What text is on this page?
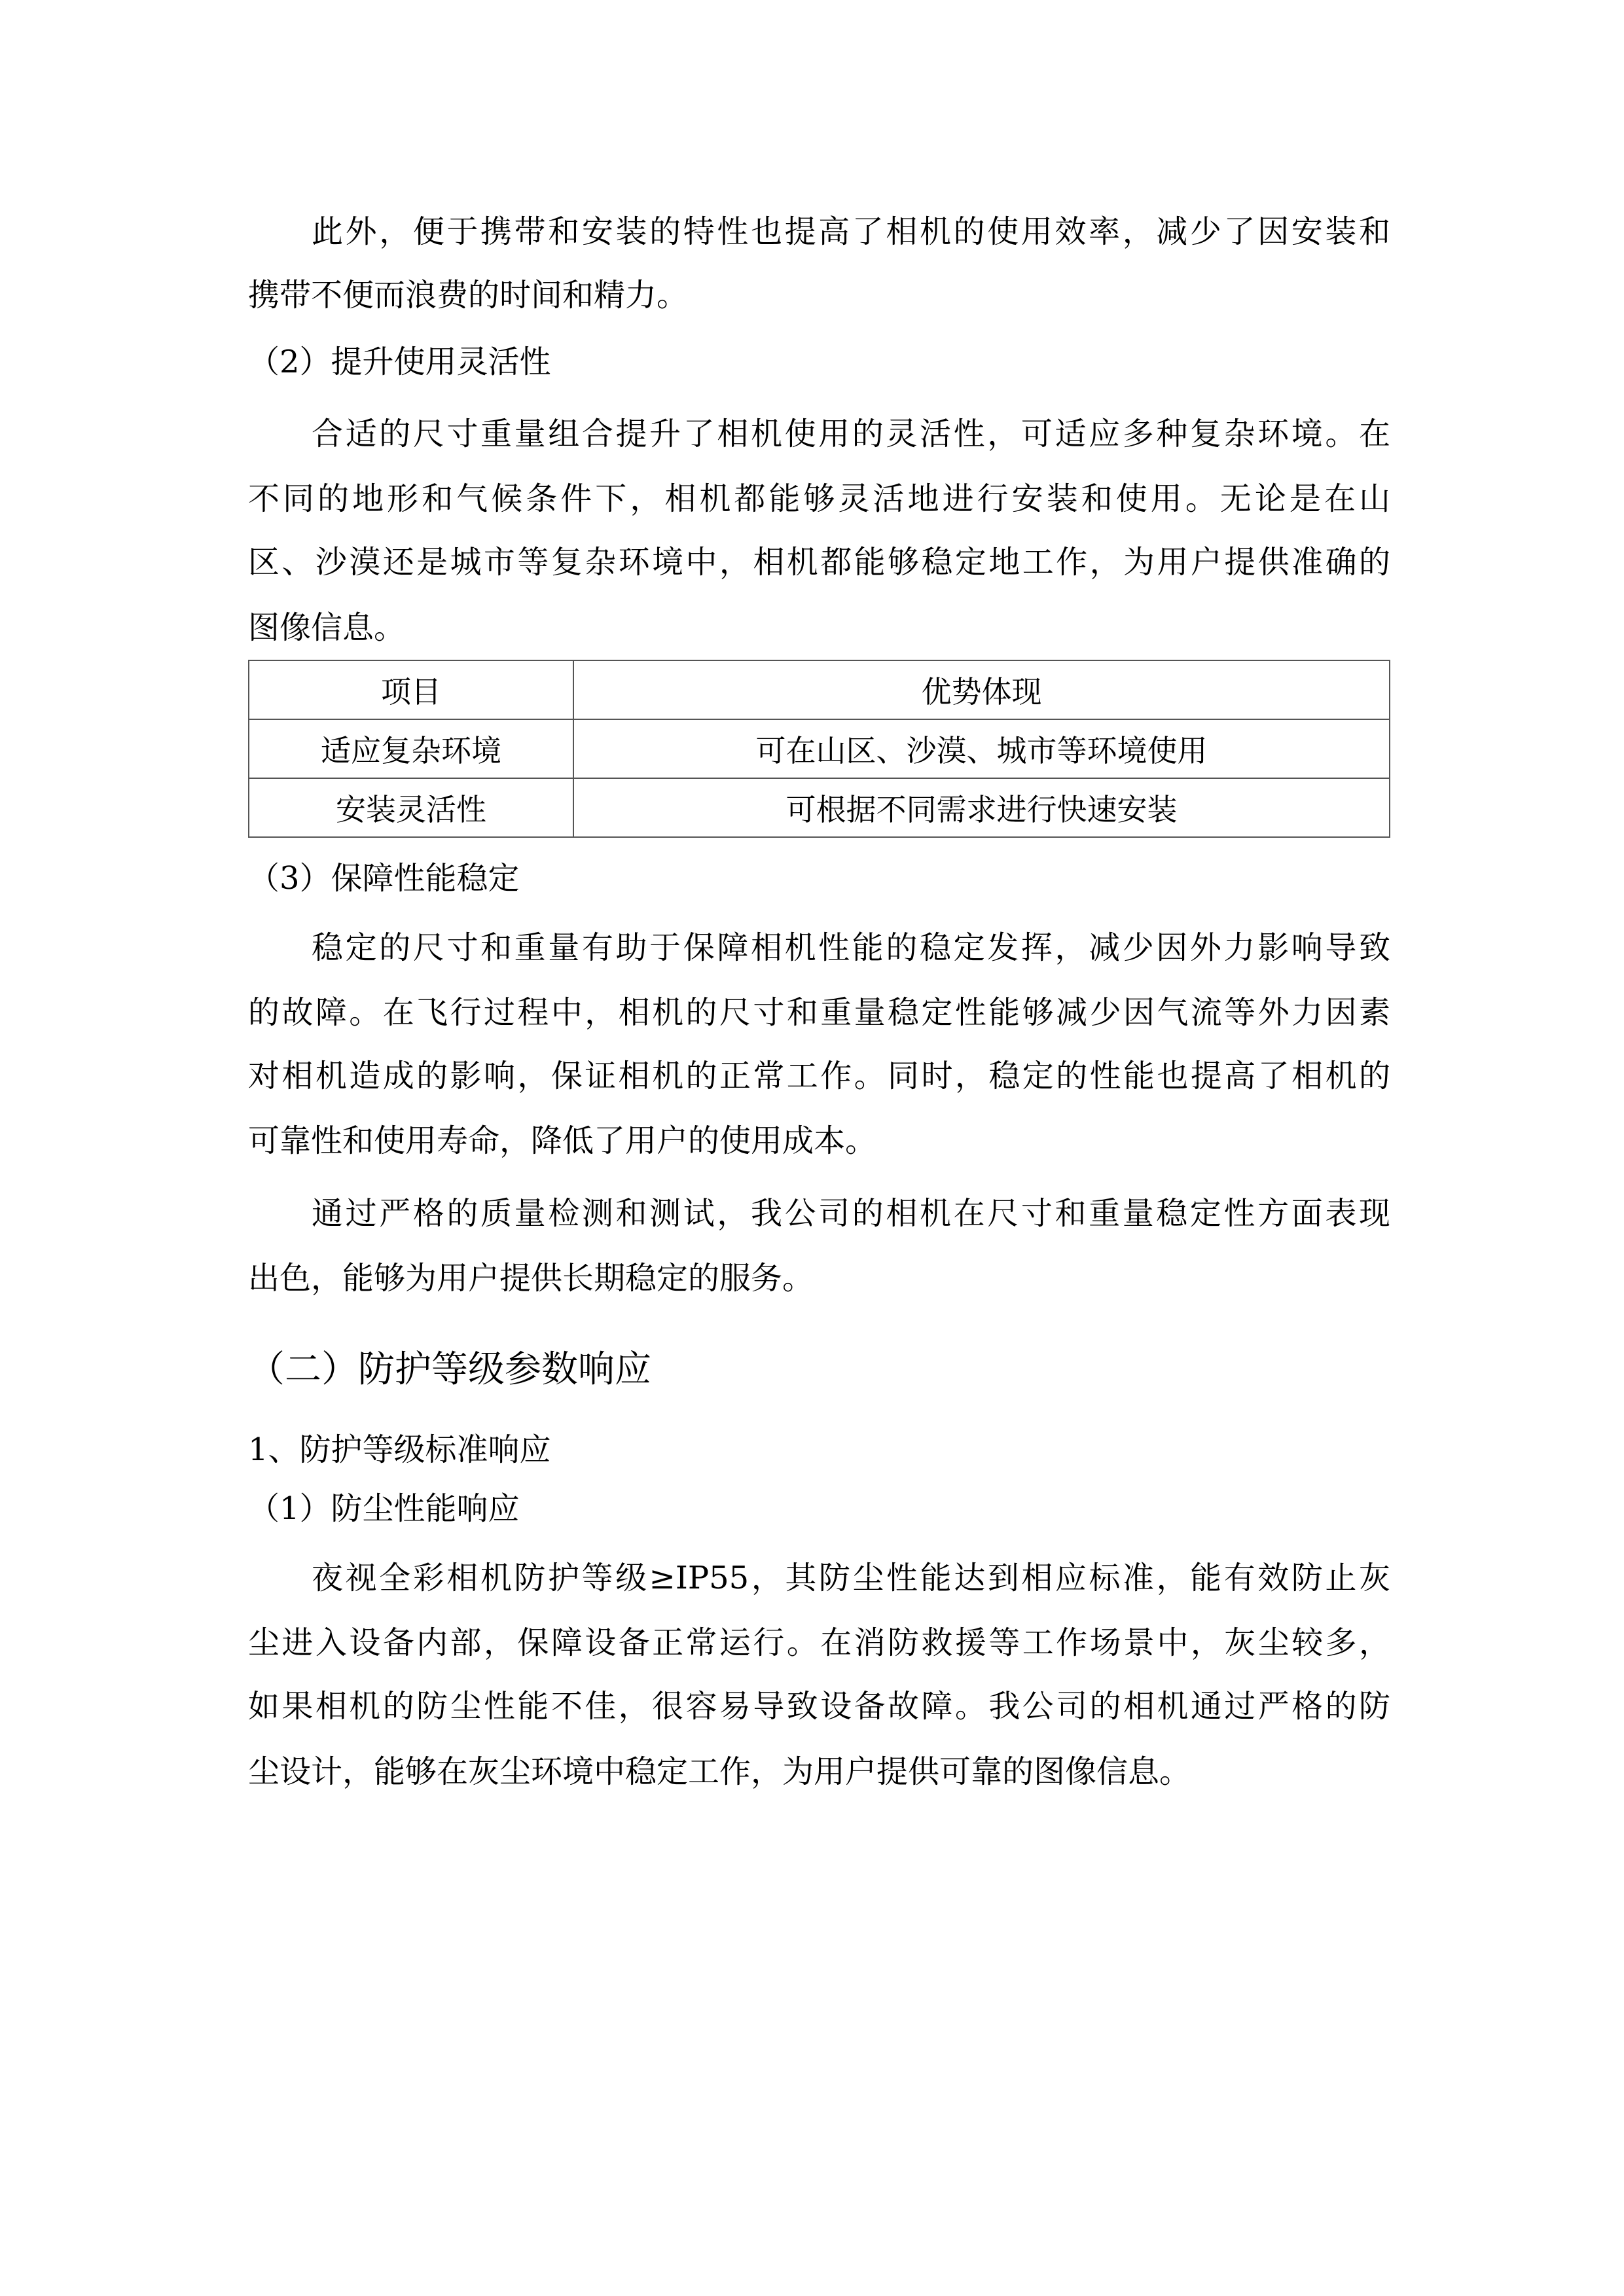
此外，便于携带和安装的特性也提高了相机的使用效率，减少了因安装和
携带不便而浪费的时间和精力。
（2）提升使用灵活性
合适的尺寸重量组合提升了相机使用的灵活性，可适应多种复杂环境。在
不同的地形和气候条件下，相机都能够灵活地进行安装和使用。无论是在山
区、沙漠还是城市等复杂环境中，相机都能够稳定地工作，为用户提供准确的
图像信息。
（3）保障性能稳定
稳定的尺寸和重量有助于保障相机性能的稳定发挥，减少因外力影响导致
的故障。在飞行过程中，相机的尺寸和重量稳定性能够减少因气流等外力因素
对相机造成的影响，保证相机的正常工作。同时，稳定的性能也提高了相机的
可靠性和使用寿命，降低了用户的使用成本。
通过严格的质量检测和测试，我公司的相机在尺寸和重量稳定性方面表现
出色，能够为用户提供长期稳定的服务。
（二）防护等级参数响应
1、防护等级标准响应
（1）防尘性能响应
夜视全彩相机防护等级≥IP55，其防尘性能达到相应标准，能有效防止灰
尘进入设备内部，保障设备正常运行。在消防救援等工作场景中，灰尘较多，
如果相机的防尘性能不佳，很容易导致设备故障。我公司的相机通过严格的防
尘设计，能够在灰尘环境中稳定工作，为用户提供可靠的图像信息。
项目	优势体现
适应复杂环境	可在山区、沙漠、城市等环境使用
安装灵活性	可根据不同需求进行快速安装
